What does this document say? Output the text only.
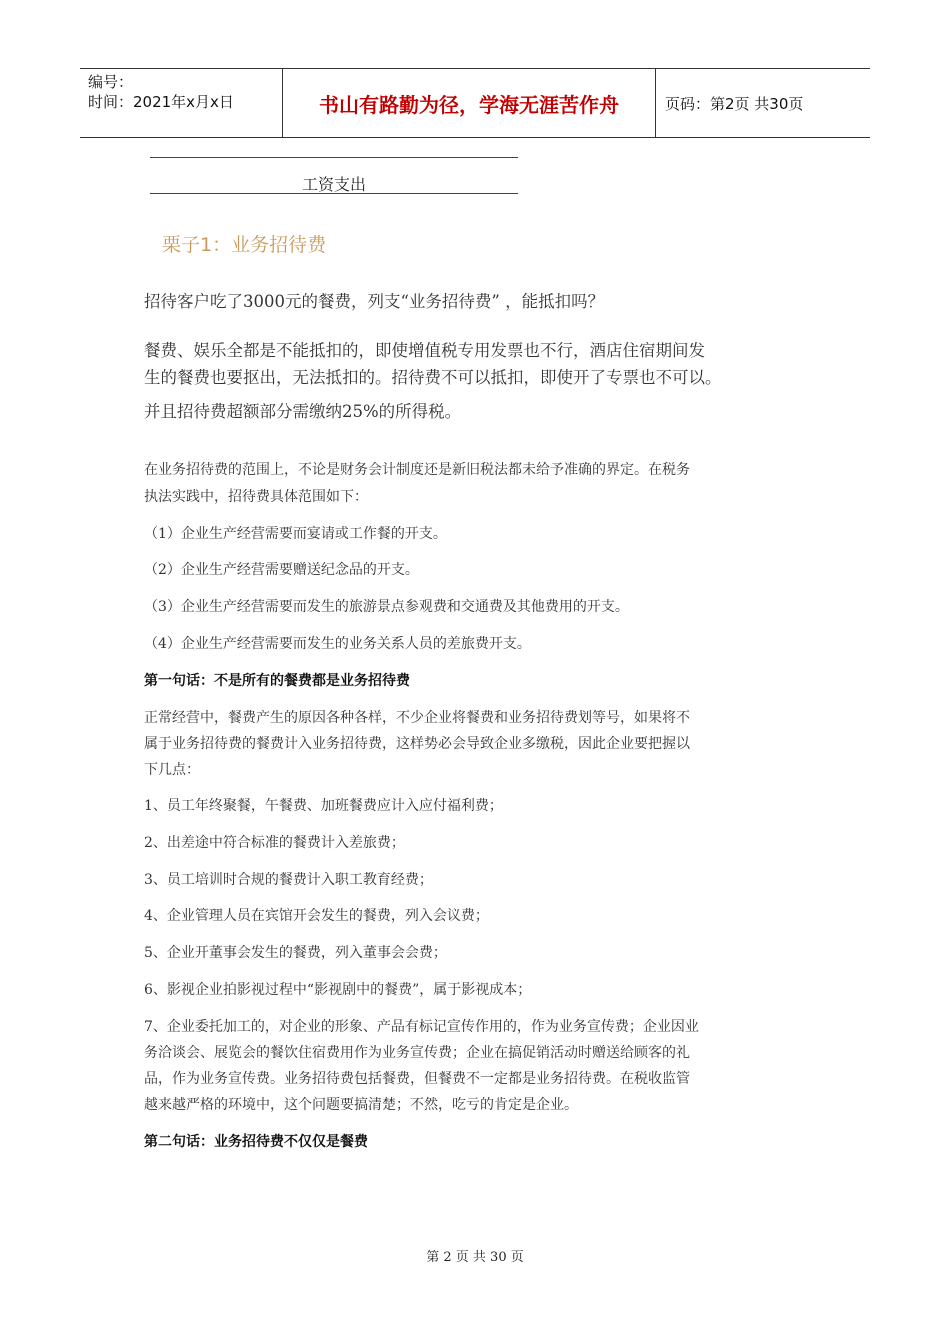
编号：
时间：2021年x月x日	书山有路勤为径，学海无涯苦作舟	页码：第2页 共30页
工资支出
栗子1：业务招待费
招待客户吃了3000元的餐费，列支“业务招待费” ，能抵扣吗？
餐费、娱乐全都是不能抵扣的，即使增值税专用发票也不行，酒店住宿期间发
生的餐费也要抠出，无法抵扣的。招待费不可以抵扣，即使开了专票也不可以。
并且招待费超额部分需缴纳25%的所得税。
在业务招待费的范围上，不论是财务会计制度还是新旧税法都未给予准确的界定。在税务
执法实践中，招待费具体范围如下：
（1）企业生产经营需要而宴请或工作餐的开支。
（2）企业生产经营需要赠送纪念品的开支。
（3）企业生产经营需要而发生的旅游景点参观费和交通费及其他费用的开支。
（4）企业生产经营需要而发生的业务关系人员的差旅费开支。
第一句话：不是所有的餐费都是业务招待费
正常经营中，餐费产生的原因各种各样，不少企业将餐费和业务招待费划等号，如果将不
属于业务招待费的餐费计入业务招待费，这样势必会导致企业多缴税，因此企业要把握以
下几点：
1、员工年终聚餐，午餐费、加班餐费应计入应付福利费；
2、出差途中符合标准的餐费计入差旅费；
3、员工培训时合规的餐费计入职工教育经费；
4、企业管理人员在宾馆开会发生的餐费，列入会议费；
5、企业开董事会发生的餐费，列入董事会会费；
6、影视企业拍影视过程中“影视剧中的餐费”，属于影视成本；
7、企业委托加工的，对企业的形象、产品有标记宣传作用的，作为业务宣传费；企业因业
务洽谈会、展览会的餐饮住宿费用作为业务宣传费；企业在搞促销活动时赠送给顾客的礼
品，作为业务宣传费。业务招待费包括餐费，但餐费不一定都是业务招待费。在税收监管
越来越严格的环境中，这个问题要搞清楚；不然，吃亏的肯定是企业。
第二句话：业务招待费不仅仅是餐费
第 2 页 共 30 页
